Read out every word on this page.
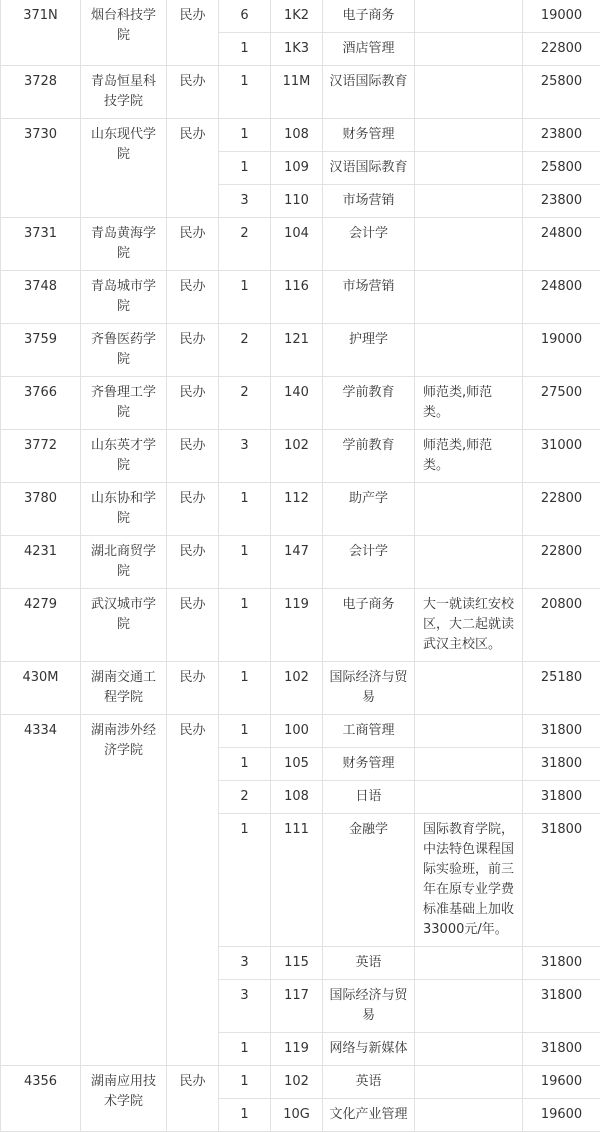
371N	烟台科技学院	民办	6	1K2	电子商务		19000
			1	1K3	酒店管理		22800
3728	青岛恒星科技学院	民办	1	11M	汉语国际教育		25800
3730	山东现代学院	民办	1	108	财务管理		23800
			1	109	汉语国际教育		25800
			3	110	市场营销		23800
3731	青岛黄海学院	民办	2	104	会计学		24800
3748	青岛城市学院	民办	1	116	市场营销		24800
3759	齐鲁医药学院	民办	2	121	护理学		19000
3766	齐鲁理工学院	民办	2	140	学前教育	师范类,师范类。	27500
3772	山东英才学院	民办	3	102	学前教育	师范类,师范类。	31000
3780	山东协和学院	民办	1	112	助产学		22800
4231	湖北商贸学院	民办	1	147	会计学		22800
4279	武汉城市学院	民办	1	119	电子商务	大一就读红安校区，大二起就读武汉主校区。	20800
430M	湖南交通工程学院	民办	1	102	国际经济与贸易		25180
4334	湖南涉外经济学院	民办	1	100	工商管理		31800
			1	105	财务管理		31800
			2	108	日语		31800
			1	111	金融学	国际教育学院，中法特色课程国际实验班，前三年在原专业学费标准基础上加收33000元/年。	31800
			3	115	英语		31800
			3	117	国际经济与贸易		31800
			1	119	网络与新媒体		31800
4356	湖南应用技术学院	民办	1	102	英语		19600
			1	10G	文化产业管理		19600
